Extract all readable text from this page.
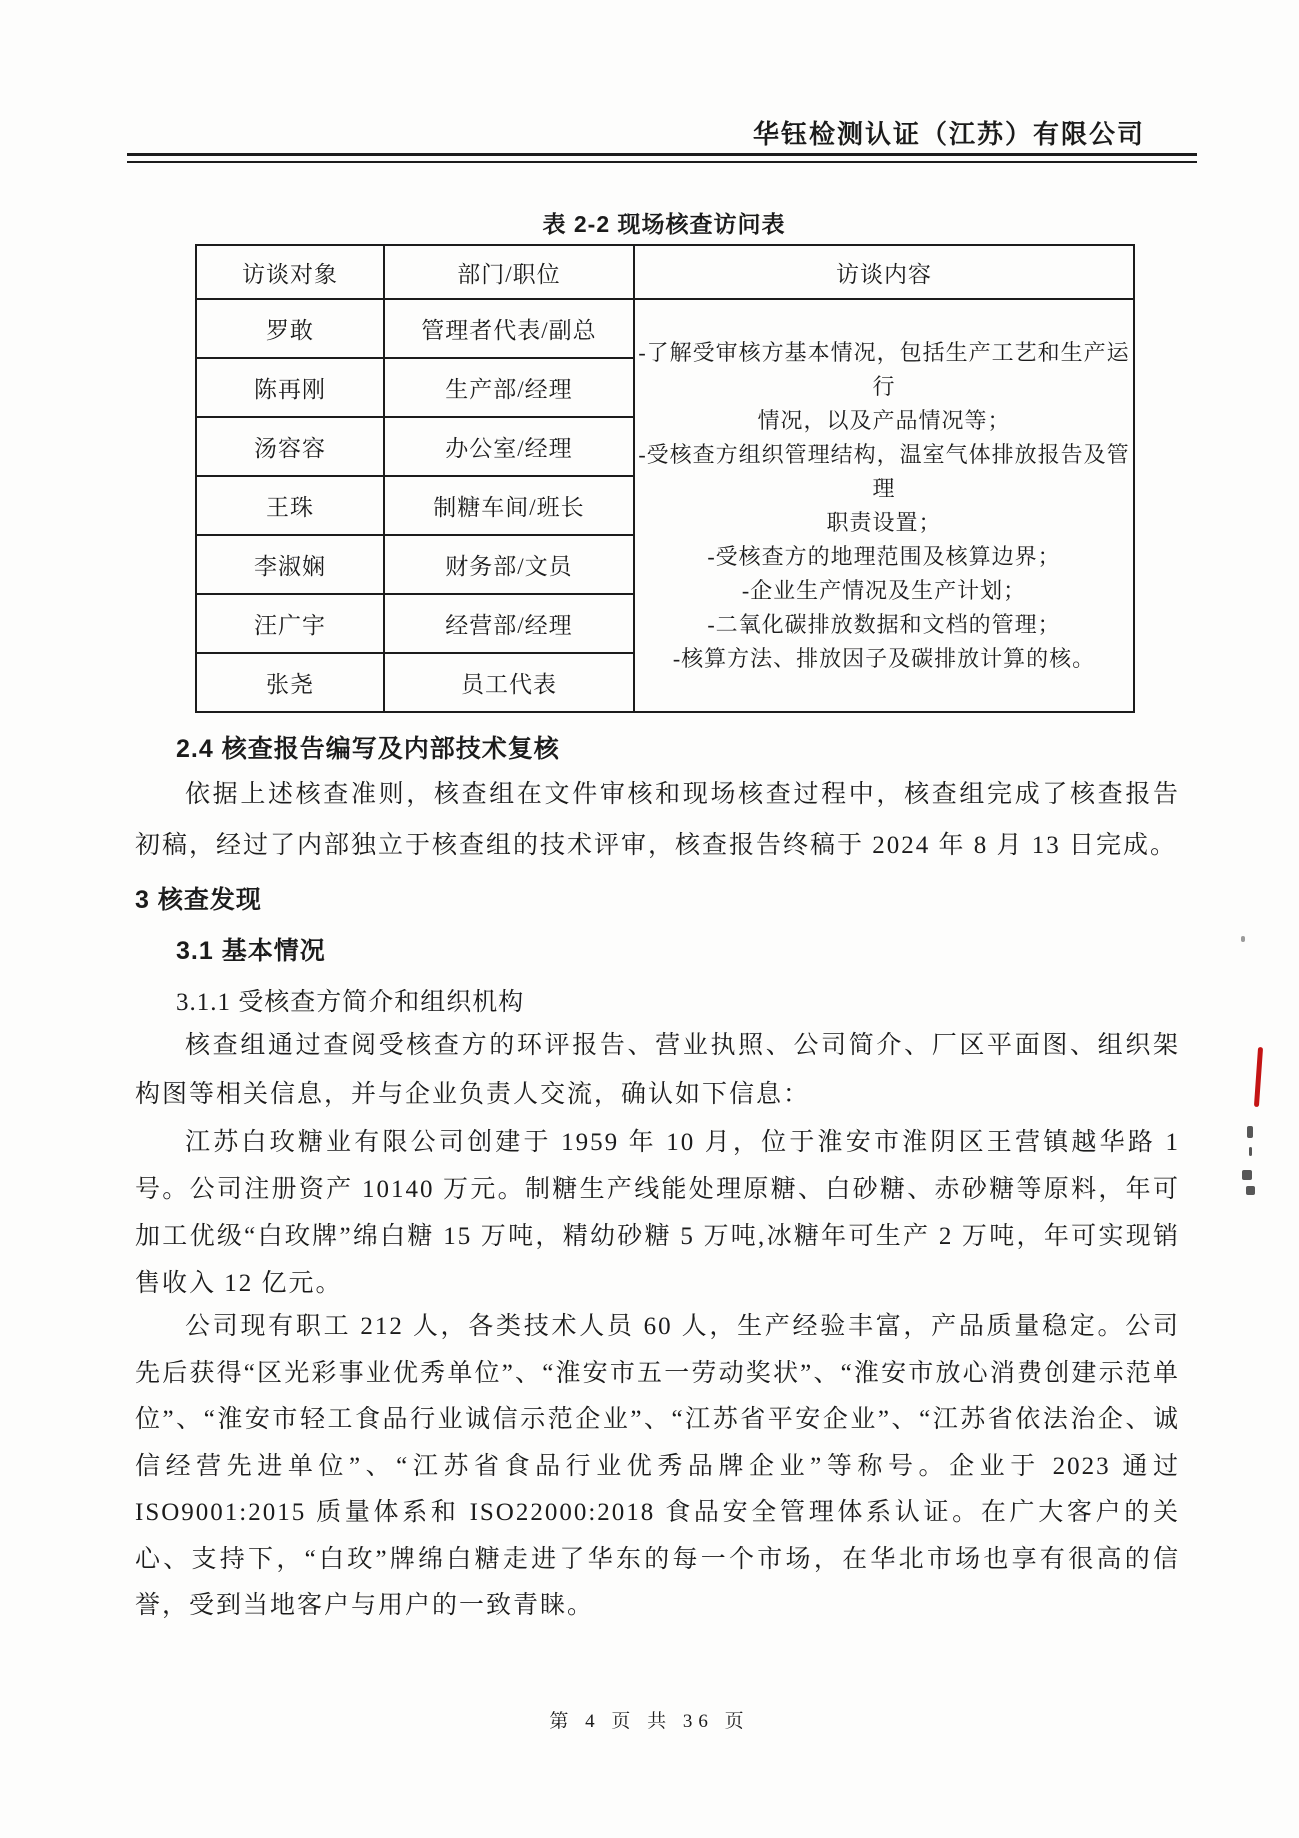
华钰检测认证（江苏）有限公司
表 2-2 现场核查访问表
访谈对象	部门/职位	访谈内容
罗敢	管理者代表/副总	
-了解受审核方基本情况，包括生产工艺和生产运行
情况，以及产品情况等；
-受核查方组织管理结构，温室气体排放报告及管理
职责设置；
-受核查方的地理范围及核算边界；
-企业生产情况及生产计划；
-二氧化碳排放数据和文档的管理；
-核算方法、排放因子及碳排放计算的核。

陈再刚	生产部/经理	
汤容容	办公室/经理	
王珠	制糖车间/班长	
李淑娴	财务部/文员	
汪广宇	经营部/经理	
张尧	员工代表	
2.4 核查报告编写及内部技术复核
依据上述核查准则，核查组在文件审核和现场核查过程中，核查组完成了核查报告初稿，经过了内部独立于核查组的技术评审，核查报告终稿于 2024 年 8 月 13 日完成。
3 核查发现
3.1 基本情况
3.1.1 受核查方简介和组织机构
核查组通过查阅受核查方的环评报告、营业执照、公司简介、厂区平面图、组织架构图等相关信息，并与企业负责人交流，确认如下信息：
江苏白玫糖业有限公司创建于 1959 年 10 月，位于淮安市淮阴区王营镇越华路 1 号。公司注册资产 10140 万元。制糖生产线能处理原糖、白砂糖、赤砂糖等原料，年可加工优级“白玫牌”绵白糖 15 万吨，精幼砂糖 5 万吨,冰糖年可生产 2 万吨，年可实现销售收入 12 亿元。
公司现有职工 212 人，各类技术人员 60 人，生产经验丰富，产品质量稳定。公司先后获得“区光彩事业优秀单位”、“淮安市五一劳动奖状”、“淮安市放心消费创建示范单位”、“淮安市轻工食品行业诚信示范企业”、“江苏省平安企业”、“江苏省依法治企、诚信经营先进单位”、“江苏省食品行业优秀品牌企业”等称号。企业于 2023 通过 ISO9001:2015 质量体系和 ISO22000:2018 食品安全管理体系认证。在广大客户的关心、支持下，“白玫”牌绵白糖走进了华东的每一个市场，在华北市场也享有很高的信誉，受到当地客户与用户的一致青睐。
第 4 页 共 36 页
